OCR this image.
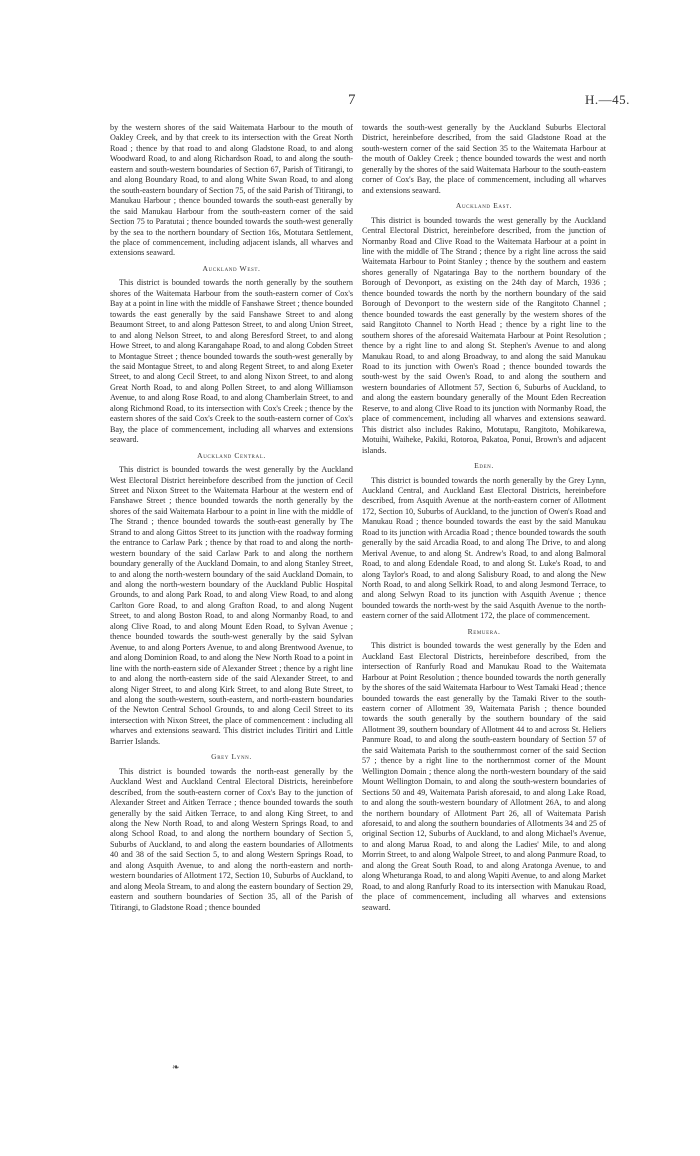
7	H.—45.

by the western shores of the said Waitemata Harbour to the mouth of Oakley Creek, and by that creek to its intersection with the Great North Road ; thence by that road to and along Gladstone Road, to and along Woodward Road, to and along Richardson Road, to and along the south-eastern and south-western boundaries of Section 67, Parish of Titirangi, to and along Boundary Road, to and along White Swan Road, to and along the south-eastern boundary of Section 75, of the said Parish of Titirangi, to Manukau Harbour ; thence bounded towards the south-east generally by the said Manukau Harbour from the south-eastern corner of the said Section 75 to Paratutai ; thence bounded towards the south-west generally by the sea to the northern boundary of Section 16s, Motutara Settlement, the place of commencement, including adjacent islands, all wharves and extensions seaward.

Auckland West.

This district is bounded towards the north generally by the southern shores of the Waitemata Harbour from the south-eastern corner of Cox's Bay at a point in line with the middle of Fanshawe Street ; thence bounded towards the east generally by the said Fanshawe Street to and along Beaumont Street, to and along Patteson Street, to and along Union Street, to and along Nelson Street, to and along Beresford Street, to and along Howe Street, to and along Karangahape Road, to and along Cobden Street to Montague Street ; thence bounded towards the south-west generally by the said Montague Street, to and along Regent Street, to and along Exeter Street, to and along Cecil Street, to and along Nixon Street, to and along Great North Road, to and along Pollen Street, to and along Williamson Avenue, to and along Rose Road, to and along Chamberlain Street, to and along Richmond Road, to its intersection with Cox's Creek ; thence by the eastern shores of the said Cox's Creek to the south-eastern corner of Cox's Bay, the place of commencement, including all wharves and extensions seaward.

Auckland Central.

This district is bounded towards the west generally by the Auckland West Electoral District hereinbefore described from the junction of Cecil Street and Nixon Street to the Waitemata Harbour at the western end of Fanshawe Street ; thence bounded towards the north generally by the shores of the said Waitemata Harbour to a point in line with the middle of The Strand ; thence bounded towards the south-east generally by The Strand to and along Gittos Street to its junction with the roadway forming the entrance to Carlaw Park ; thence by that road to and along the north-western boundary of the said Carlaw Park to and along the northern boundary generally of the Auckland Domain, to and along Stanley Street, to and along the north-western boundary of the said Auckland Domain, to and along the north-western boundary of the Auckland Public Hospital Grounds, to and along Park Road, to and along View Road, to and along Carlton Gore Road, to and along Grafton Road, to and along Nugent Street, to and along Boston Road, to and along Normanby Road, to and along Clive Road, to and along Mount Eden Road, to Sylvan Avenue ; thence bounded towards the south-west generally by the said Sylvan Avenue, to and along Porters Avenue, to and along Brentwood Avenue, to and along Dominion Road, to and along the New North Road to a point in line with the north-eastern side of Alexander Street ; thence by a right line to and along the north-eastern side of the said Alexander Street, to and along Niger Street, to and along Kirk Street, to and along Bute Street, to and along the south-western, south-eastern, and north-eastern boundaries of the Newton Central School Grounds, to and along Cecil Street to its intersection with Nixon Street, the place of commencement : including all wharves and extensions seaward. This district includes Tiritiri and Little Barrier Islands.

Grey Lynn.

This district is bounded towards the north-east generally by the Auckland West and Auckland Central Electoral Districts, hereinbefore described, from the south-eastern corner of Cox's Bay to the junction of Alexander Street and Aitken Terrace ; thence bounded towards the south generally by the said Aitken Terrace, to and along King Street, to and along the New North Road, to and along Western Springs Road, to and along School Road, to and along the northern boundary of Section 5, Suburbs of Auckland, to and along the eastern boundaries of Allotments 40 and 38 of the said Section 5, to and along Western Springs Road, to and along Asquith Avenue, to and along the north-eastern and north-western boundaries of Allotment 172, Section 10, Suburbs of Auckland, to and along Meola Stream, to and along the eastern boundary of Section 29, eastern and southern boundaries of Section 35, all of the Parish of Titirangi, to Gladstone Road ; thence bounded

towards the south-west generally by the Auckland Suburbs Electoral District, hereinbefore described, from the said Gladstone Road at the south-western corner of the said Section 35 to the Waitemata Harbour at the mouth of Oakley Creek ; thence bounded towards the west and north generally by the shores of the said Waitemata Harbour to the south-eastern corner of Cox's Bay, the place of commencement, including all wharves and extensions seaward.

Auckland East.

This district is bounded towards the west generally by the Auckland Central Electoral District, hereinbefore described, from the junction of Normanby Road and Clive Road to the Waitemata Harbour at a point in line with the middle of The Strand ; thence by a right line across the said Waitemata Harbour to Point Stanley ; thence by the southern and eastern shores generally of Ngataringa Bay to the northern boundary of the Borough of Devonport, as existing on the 24th day of March, 1936 ; thence bounded towards the north by the northern boundary of the said Borough of Devonport to the western side of the Rangitoto Channel ; thence bounded towards the east generally by the western shores of the said Rangitoto Channel to North Head ; thence by a right line to the southern shores of the aforesaid Waitemata Harbour at Point Resolution ; thence by a right line to and along St. Stephen's Avenue to and along Manukau Road, to and along Broadway, to and along the said Manukau Road to its junction with Owen's Road ; thence bounded towards the south-west by the said Owen's Road, to and along the southern and western boundaries of Allotment 57, Section 6, Suburbs of Auckland, to and along the eastern boundary generally of the Mount Eden Recreation Reserve, to and along Clive Road to its junction with Normanby Road, the place of commencement, including all wharves and extensions seaward. This district also includes Rakino, Motutapu, Rangitoto, Mohikarewa, Motuihi, Waiheke, Pakiki, Rotoroa, Pakatoa, Ponui, Brown's and adjacent islands.

Eden.

This district is bounded towards the north generally by the Grey Lynn, Auckland Central, and Auckland East Electoral Districts, hereinbefore described, from Asquith Avenue at the north-eastern corner of Allotment 172, Section 10, Suburbs of Auckland, to the junction of Owen's Road and Manukau Road ; thence bounded towards the east by the said Manukau Road to its junction with Arcadia Road ; thence bounded towards the south generally by the said Arcadia Road, to and along The Drive, to and along Merival Avenue, to and along St. Andrew's Road, to and along Balmoral Road, to and along Edendale Road, to and along St. Luke's Road, to and along Taylor's Road, to and along Salisbury Road, to and along the New North Road, to and along Selkirk Road, to and along Jesmond Terrace, to and along Selwyn Road to its junction with Asquith Avenue ; thence bounded towards the north-west by the said Asquith Avenue to the north-eastern corner of the said Allotment 172, the place of commencement.

Remuera.

This district is bounded towards the west generally by the Eden and Auckland East Electoral Districts, hereinbefore described, from the intersection of Ranfurly Road and Manukau Road to the Waitemata Harbour at Point Resolution ; thence bounded towards the north generally by the shores of the said Waitemata Harbour to West Tamaki Head ; thence bounded towards the east generally by the Tamaki River to the south-eastern corner of Allotment 39, Waitemata Parish ; thence bounded towards the south generally by the southern boundary of the said Allotment 39, southern boundary of Allotment 44 to and across St. Heliers Panmure Road, to and along the south-eastern boundary of Section 57 of the said Waitemata Parish to the southernmost corner of the said Section 57 ; thence by a right line to the northernmost corner of the Mount Wellington Domain ; thence along the north-western boundary of the said Mount Wellington Domain, to and along the south-western boundaries of Sections 50 and 49, Waitemata Parish aforesaid, to and along Lake Road, to and along the south-western boundary of Allotment 26A, to and along the northern boundary of Allotment Part 26, all of Waitemata Parish aforesaid, to and along the southern boundaries of Allotments 34 and 25 of original Section 12, Suburbs of Auckland, to and along Michael's Avenue, to and along Marua Road, to and along the Ladies' Mile, to and along Morrin Street, to and along Walpole Street, to and along Panmure Road, to and along the Great South Road, to and along Aratonga Avenue, to and along Wheturanga Road, to and along Wapiti Avenue, to and along Market Road, to and along Ranfurly Road to its intersection with Manukau Road, the place of commencement, including all wharves and extensions seaward.

❧
